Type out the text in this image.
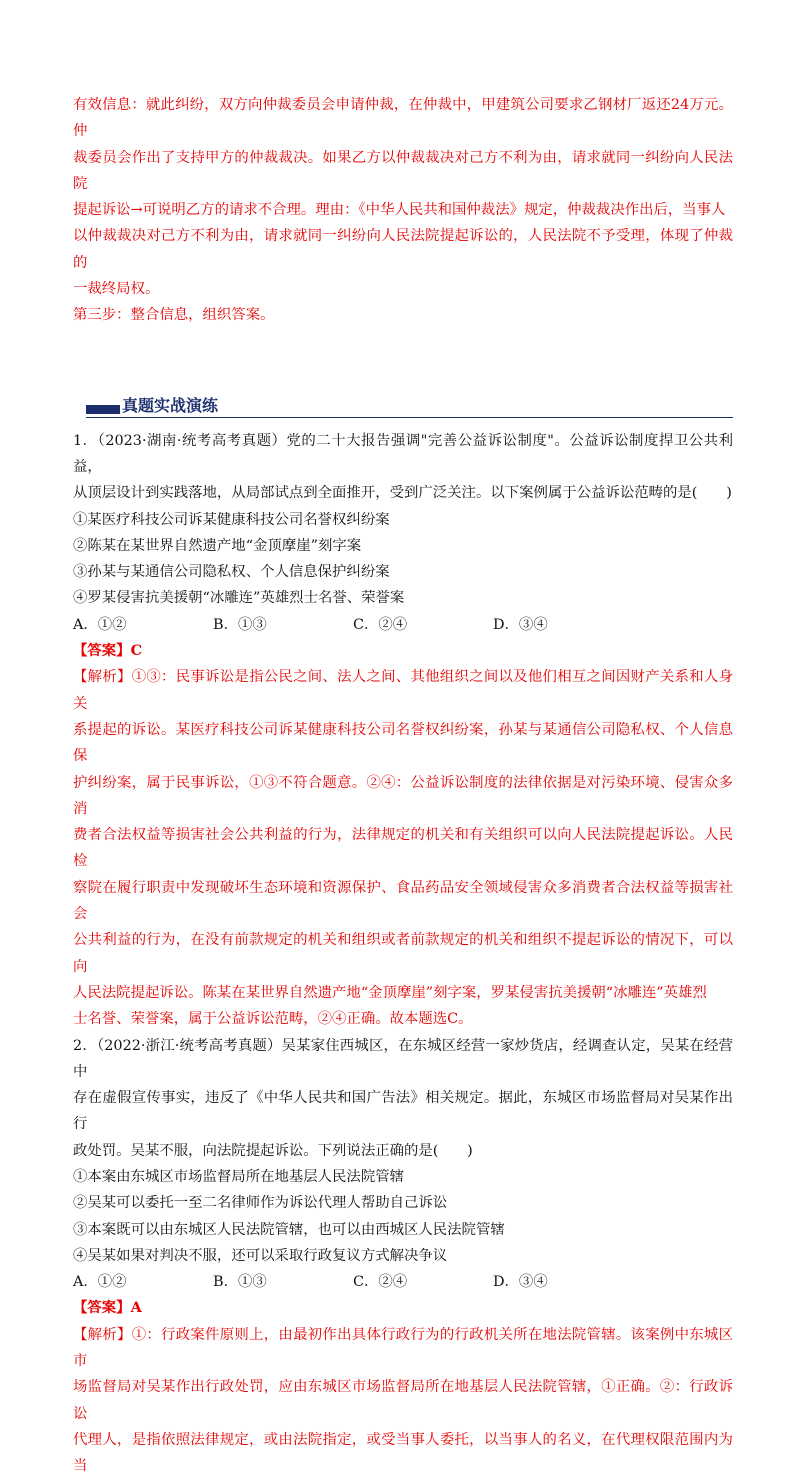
有效信息：就此纠纷，双方向仲裁委员会申请仲裁，在仲裁中，甲建筑公司要求乙钢材厂返还24万元。仲

裁委员会作出了支持甲方的仲裁裁决。如果乙方以仲裁裁决对己方不利为由，请求就同一纠纷向人民法院

提起诉讼→可说明乙方的请求不合理。理由：《中华人民共和国仲裁法》规定，仲裁裁决作出后，当事人

以仲裁裁决对己方不利为由，请求就同一纠纷向人民法院提起诉讼的，人民法院不予受理，体现了仲裁的

一裁终局权。

第三步：整合信息，组织答案。

真题实战演练

1．（2023·湖南·统考高考真题）党的二十大报告强调"完善公益诉讼制度"。公益诉讼制度捍卫公共利益，

从顶层设计到实践落地，从局部试点到全面推开，受到广泛关注。以下案例属于公益诉讼范畴的是(　　)

①某医疗科技公司诉某健康科技公司名誉权纠纷案

②陈某在某世界自然遗产地“金顶摩崖”刻字案

③孙某与某通信公司隐私权、个人信息保护纠纷案

④罗某侵害抗美援朝“冰雕连”英雄烈士名誉、荣誉案

A．①②	B．①③	C．②④	D．③④

【答案】C

【解析】①③：民事诉讼是指公民之间、法人之间、其他组织之间以及他们相互之间因财产关系和人身关

系提起的诉讼。某医疗科技公司诉某健康科技公司名誉权纠纷案，孙某与某通信公司隐私权、个人信息保

护纠纷案，属于民事诉讼，①③不符合题意。②④：公益诉讼制度的法律依据是对污染环境、侵害众多消

费者合法权益等损害社会公共利益的行为，法律规定的机关和有关组织可以向人民法院提起诉讼。人民检

察院在履行职责中发现破坏生态环境和资源保护、食品药品安全领域侵害众多消费者合法权益等损害社会

公共利益的行为，在没有前款规定的机关和组织或者前款规定的机关和组织不提起诉讼的情况下，可以向

人民法院提起诉讼。陈某在某世界自然遗产地“金顶摩崖”刻字案，罗某侵害抗美援朝“冰雕连”英雄烈

士名誉、荣誉案，属于公益诉讼范畴，②④正确。故本题选C。

2．（2022·浙江·统考高考真题）吴某家住西城区，在东城区经营一家炒货店，经调查认定，吴某在经营中

存在虚假宣传事实，违反了《中华人民共和国广告法》相关规定。据此，东城区市场监督局对吴某作出行

政处罚。吴某不服，向法院提起诉讼。下列说法正确的是(　　)

①本案由东城区市场监督局所在地基层人民法院管辖

②吴某可以委托一至二名律师作为诉讼代理人帮助自己诉讼

③本案既可以由东城区人民法院管辖，也可以由西城区人民法院管辖

④吴某如果对判决不服，还可以采取行政复议方式解决争议

A．①②	B．①③	C．②④	D．③④

【答案】A

【解析】①：行政案件原则上，由最初作出具体行政行为的行政机关所在地法院管辖。该案例中东城区市

场监督局对吴某作出行政处罚，应由东城区市场监督局所在地基层人民法院管辖，①正确。②：行政诉讼

代理人，是指依照法律规定，或由法院指定，或受当事人委托，以当事人的名义，在代理权限范围内为当
